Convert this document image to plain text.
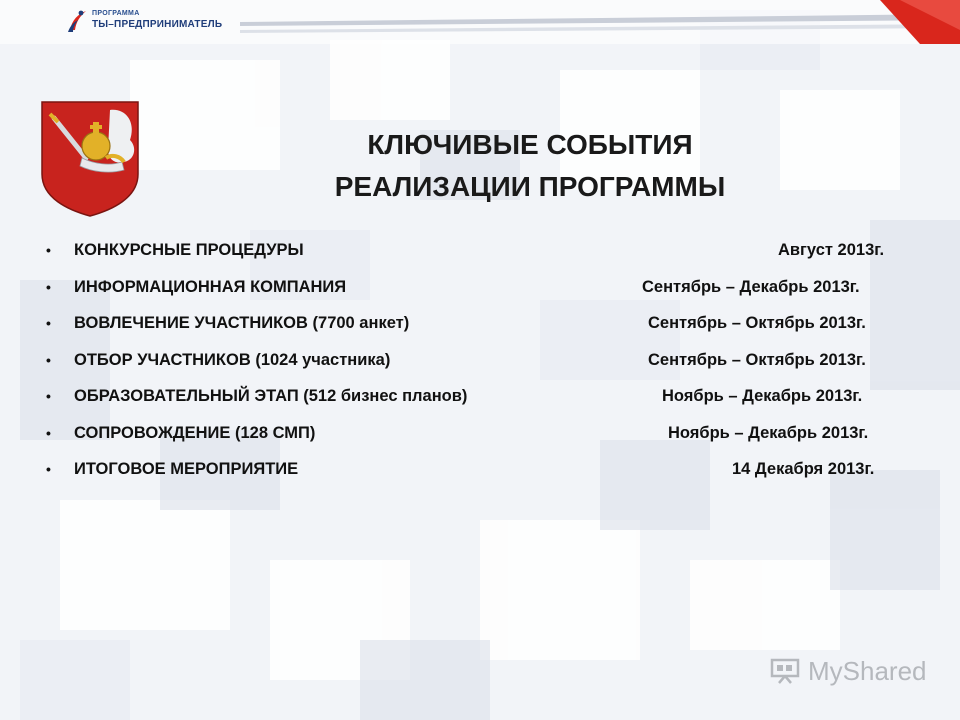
ПРОГРАММА
ТЫ–ПРЕДПРИНИМАТЕЛЬ
КЛЮЧИВЫЕ СОБЫТИЯ
РЕАЛИЗАЦИИ ПРОГРАММЫ
•	КОНКУРСНЫЕ ПРОЦЕДУРЫ	Август 2013г.
•	ИНФОРМАЦИОННАЯ КОМПАНИЯ	Сентябрь – Декабрь 2013г.
•	ВОВЛЕЧЕНИЕ УЧАСТНИКОВ (7700 анкет)	Сентябрь – Октябрь 2013г.
•	ОТБОР УЧАСТНИКОВ (1024 участника)	Сентябрь – Октябрь 2013г.
•	ОБРАЗОВАТЕЛЬНЫЙ ЭТАП (512 бизнес планов)	Ноябрь – Декабрь 2013г.
•	СОПРОВОЖДЕНИЕ (128 СМП)	Ноябрь – Декабрь 2013г.
•	ИТОГОВОЕ МЕРОПРИЯТИЕ	14 Декабря 2013г.
MyShared
